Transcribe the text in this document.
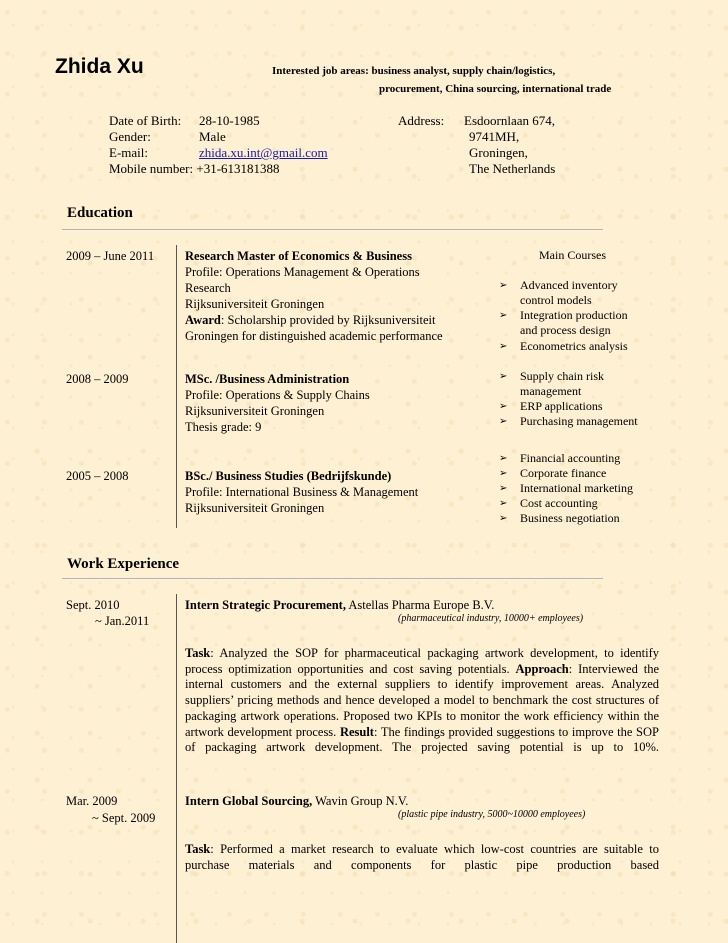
Zhida Xu	Interested job areas: business analyst, supply chain/logistics,
procurement, China sourcing, international trade
Date of Birth: 28-10-1985
Gender:	Male
E-mail:	zhida.xu.int@gmail.com
Mobile number: +31-613181388
Address: Esdoornlaan 674,
9741MH,
Groningen,
The Netherlands
Education
2009 – June 2011 Research Master of Economics & Business
Profile: Operations Management & Operations
Research
Rijksuniversiteit Groningen
Award: Scholarship provided by Rijksuniversiteit
Groningen for distinguished academic performance
2008 – 2009	MSc. /Business Administration
Profile: Operations & Supply Chains
Rijksuniversiteit Groningen
Thesis grade: 9
2005 – 2008	BSc./ Business Studies (Bedrijfskunde)
Profile: International Business & Management
Rijksuniversiteit Groningen
Main Courses
➢ Advanced inventory
control models
➢ Integration production
and process design
➢ Econometrics analysis
➢ Supply chain risk
management
➢ ERP applications
➢ Purchasing management
➢ Financial accounting
➢ Corporate finance
➢ International marketing
➢ Cost accounting
➢ Business negotiation
Work Experience
Sept. 2010
~ Jan.2011
Intern Strategic Procurement, Astellas Pharma Europe B.V.
(pharmaceutical industry, 10000+ employees)
Task: Analyzed the SOP for pharmaceutical packaging artwork development, to identify process optimization opportunities and cost saving potentials. Approach: Interviewed the internal customers and the external suppliers to identify improvement areas. Analyzed suppliers’ pricing methods and hence developed a model to benchmark the cost structures of packaging artwork operations. Proposed two KPIs to monitor the work efficiency within the artwork development process. Result: The findings provided suggestions to improve the SOP of packaging artwork development. The projected saving potential is up to 10%.
Mar. 2009
~ Sept. 2009
Intern Global Sourcing, Wavin Group N.V.
(plastic pipe industry, 5000~10000 employees)
Task: Performed a market research to evaluate which low-cost countries are suitable to purchase materials and components for plastic pipe production based
